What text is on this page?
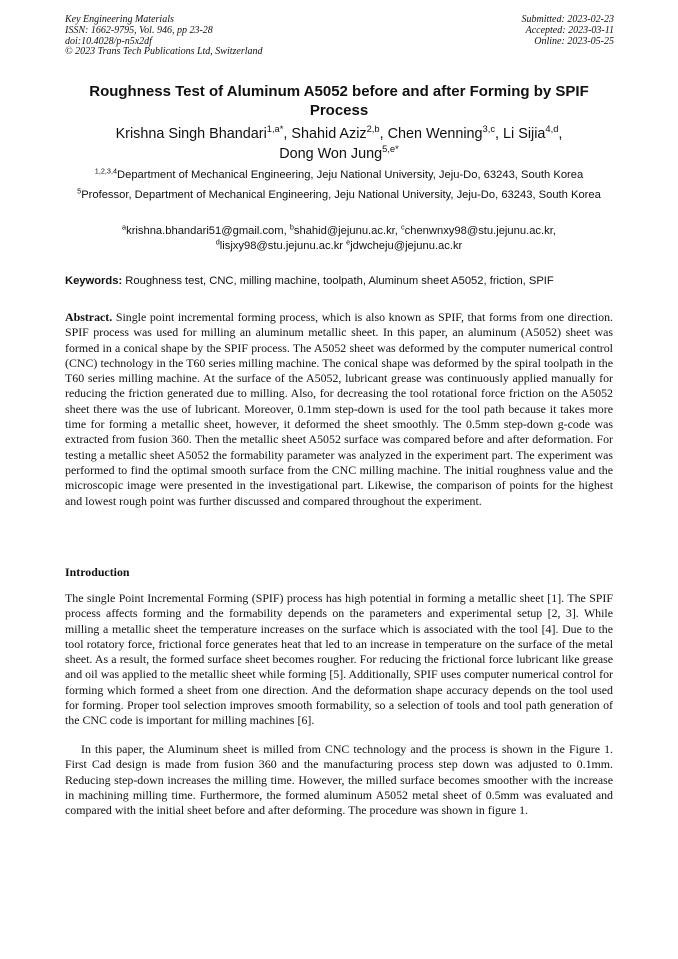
Key Engineering Materials
ISSN: 1662-9795, Vol. 946, pp 23-28
doi:10.4028/p-n5x2df
© 2023 Trans Tech Publications Ltd, Switzerland
Submitted: 2023-02-23
Accepted: 2023-03-11
Online: 2023-05-25
Roughness Test of Aluminum A5052 before and after Forming by SPIF Process
Krishna Singh Bhandari$^{1,a*}$, Shahid Aziz$^{2,b}$, Chen Wenning$^{3,c}$, Li Sijia$^{4,d}$,
Dong Won Jung$^{5,e*}$
$^{1,2,3,4}$Department of Mechanical Engineering, Jeju National University, Jeju-Do, 63243, South Korea
$^5$Professor, Department of Mechanical Engineering, Jeju National University, Jeju-Do, 63243, South Korea
$^a$krishna.bhandari51@gmail.com, $^b$shahid@jejunu.ac.kr, $^c$chenwnxy98@stu.jejunu.ac.kr,
$^d$lisjxy98@stu.jejunu.ac.kr $^e$jdwcheju@jejunu.ac.kr
Keywords: Roughness test, CNC, milling machine, toolpath, Aluminum sheet A5052, friction, SPIF
Abstract. Single point incremental forming process, which is also known as SPIF, that forms from one direction. SPIF process was used for milling an aluminum metallic sheet. In this paper, an aluminum (A5052) sheet was formed in a conical shape by the SPIF process. The A5052 sheet was deformed by the computer numerical control (CNC) technology in the T60 series milling machine. The conical shape was deformed by the spiral toolpath in the T60 series milling machine. At the surface of the A5052, lubricant grease was continuously applied manually for reducing the friction generated due to milling. Also, for decreasing the tool rotational force friction on the A5052 sheet there was the use of lubricant. Moreover, 0.1mm step-down is used for the tool path because it takes more time for forming a metallic sheet, however, it deformed the sheet smoothly. The 0.5mm step-down g-code was extracted from fusion 360. Then the metallic sheet A5052 surface was compared before and after deformation. For testing a metallic sheet A5052 the formability parameter was analyzed in the experiment part. The experiment was performed to find the optimal smooth surface from the CNC milling machine. The initial roughness value and the microscopic image were presented in the investigational part. Likewise, the comparison of points for the highest and lowest rough point was further discussed and compared throughout the experiment.
Introduction
The single Point Incremental Forming (SPIF) process has high potential in forming a metallic sheet [1]. The SPIF process affects forming and the formability depends on the parameters and experimental setup [2, 3]. While milling a metallic sheet the temperature increases on the surface which is associated with the tool [4]. Due to the tool rotatory force, frictional force generates heat that led to an increase in temperature on the surface of the metal sheet. As a result, the formed surface sheet becomes rougher. For reducing the frictional force lubricant like grease and oil was applied to the metallic sheet while forming [5]. Additionally, SPIF uses computer numerical control for forming which formed a sheet from one direction. And the deformation shape accuracy depends on the tool used for forming. Proper tool selection improves smooth formability, so a selection of tools and tool path generation of the CNC code is important for milling machines [6].
In this paper, the Aluminum sheet is milled from CNC technology and the process is shown in the Figure 1. First Cad design is made from fusion 360 and the manufacturing process step down was adjusted to 0.1mm. Reducing step-down increases the milling time. However, the milled surface becomes smoother with the increase in machining milling time. Furthermore, the formed aluminum A5052 metal sheet of 0.5mm was evaluated and compared with the initial sheet before and after deforming. The procedure was shown in figure 1.
